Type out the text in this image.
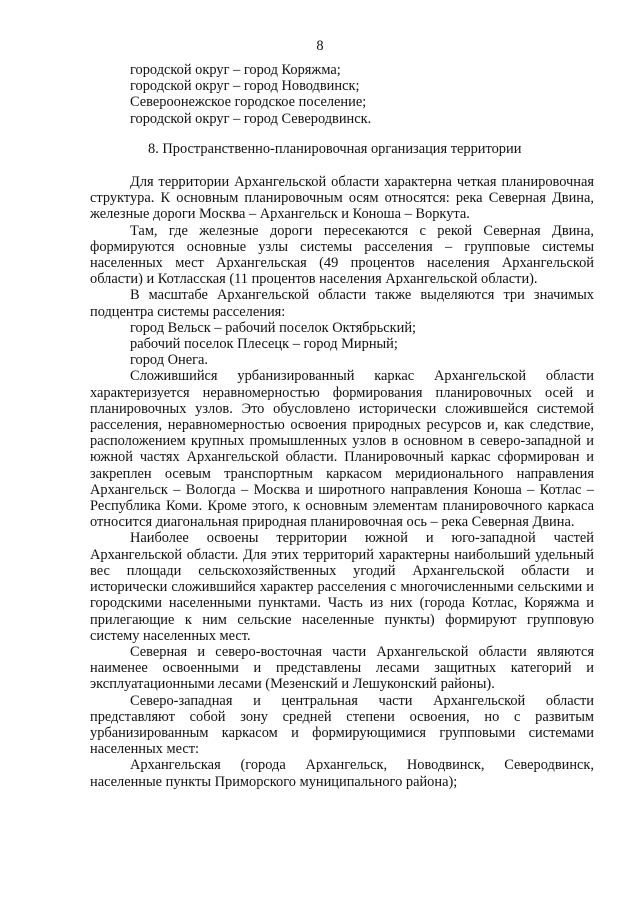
8

городской округ – город Коряжма;

городской округ – город Новодвинск;

Североонежское городское поселение;

городской округ – город Северодвинск.

8. Пространственно-планировочная организация территории

Для территории Архангельской области характерна четкая планировочная структура. К основным планировочным осям относятся: река Северная Двина, железные дороги Москва – Архангельск и Коноша – Воркута.

Там, где железные дороги пересекаются с рекой Северная Двина, формируются основные узлы системы расселения – групповые системы населенных мест Архангельская (49 процентов населения Архангельской области) и Котласская (11 процентов населения Архангельской области).

В масштабе Архангельской области также выделяются три значимых подцентра системы расселения:

город Вельск – рабочий поселок Октябрьский;

рабочий поселок Плесецк – город Мирный;

город Онега.

Сложившийся урбанизированный каркас Архангельской области характеризуется неравномерностью формирования планировочных осей и планировочных узлов. Это обусловлено исторически сложившейся системой расселения, неравномерностью освоения природных ресурсов и, как следствие, расположением крупных промышленных узлов в основном в северо-западной и южной частях Архангельской области. Планировочный каркас сформирован и закреплен осевым транспортным каркасом меридионального направления Архангельск – Вологда – Москва и широтного направления Коноша – Котлас – Республика Коми. Кроме этого, к основным элементам планировочного каркаса относится диагональная природная планировочная ось – река Северная Двина.

Наиболее освоены территории южной и юго-западной частей Архангельской области. Для этих территорий характерны наибольший удельный вес площади сельскохозяйственных угодий Архангельской области и исторически сложившийся характер расселения с многочисленными сельскими и городскими населенными пунктами. Часть из них (города Котлас, Коряжма и прилегающие к ним сельские населенные пункты) формируют групповую систему населенных мест.

Северная и северо-восточная части Архангельской области являются наименее освоенными и представлены лесами защитных категорий и эксплуатационными лесами (Мезенский и Лешуконский районы).

Северо-западная и центральная части Архангельской области представляют собой зону средней степени освоения, но с развитым урбанизированным каркасом и формирующимися групповыми системами населенных мест:

Архангельская (города Архангельск, Новодвинск, Северодвинск, населенные пункты Приморского муниципального района);
